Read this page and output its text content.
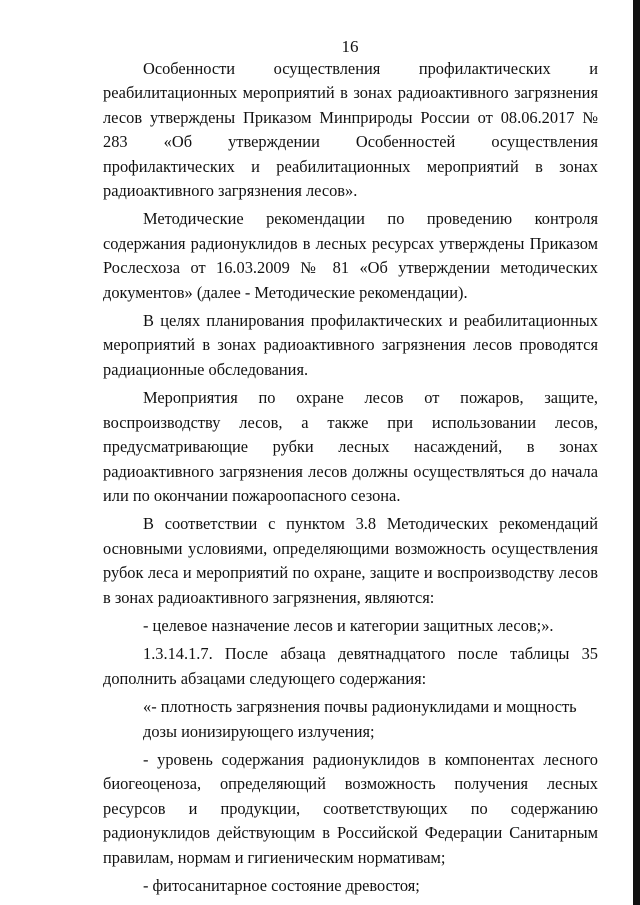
16

Особенности осуществления профилактических и реабилитационных мероприятий в зонах радиоактивного загрязнения лесов утверждены Приказом Минприроды России от 08.06.2017 № 283 «Об утверждении Особенностей осуществления профилактических и реабилитационных мероприятий в зонах радиоактивного загрязнения лесов».

Методические рекомендации по проведению контроля содержания радионуклидов в лесных ресурсах утверждены Приказом Рослесхоза от 16.03.2009 № 81 «Об утверждении методических документов» (далее - Методические рекомендации).

В целях планирования профилактических и реабилитационных мероприятий в зонах радиоактивного загрязнения лесов проводятся радиационные обследования.

Мероприятия по охране лесов от пожаров, защите, воспроизводству лесов, а также при использовании лесов, предусматривающие рубки лесных насаждений, в зонах радиоактивного загрязнения лесов должны осуществляться до начала или по окончании пожароопасного сезона.

В соответствии с пунктом 3.8 Методических рекомендаций основными условиями, определяющими возможность осуществления рубок леса и мероприятий по охране, защите и воспроизводству лесов в зонах радиоактивного загрязнения, являются:

- целевое назначение лесов и категории защитных лесов;».

1.3.14.1.7. После абзаца девятнадцатого после таблицы 35 дополнить абзацами следующего содержания:

«- плотность загрязнения почвы радионуклидами и мощность дозы ионизирующего излучения;

- уровень содержания радионуклидов в компонентах лесного биогеоценоза, определяющий возможность получения лесных ресурсов и продукции, соответствующих по содержанию радионуклидов действующим в Российской Федерации Санитарным правилам, нормам и гигиеническим нормативам;

- фитосанитарное состояние древостоя;
